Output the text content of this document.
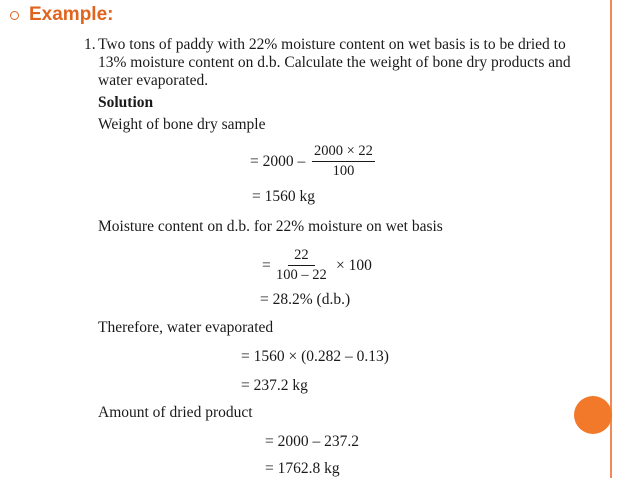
Example:
1. Two tons of paddy with 22% moisture content on wet basis is to be dried to
13% moisture content on d.b. Calculate the weight of bone dry products and
water evaporated.
Solution
Weight of bone dry sample
= $2000 - \frac{2000 \times 22}{100}$
= 1560 kg
Moisture content on d.b. for 22% moisture on wet basis
= $\frac{22}{100 - 22} \times 100$
= 28.2% (d.b.)
Therefore, water evaporated
= 1560 × (0.282 – 0.13)
= 237.2 kg
Amount of dried product
= 2000 – 237.2
= 1762.8 kg
